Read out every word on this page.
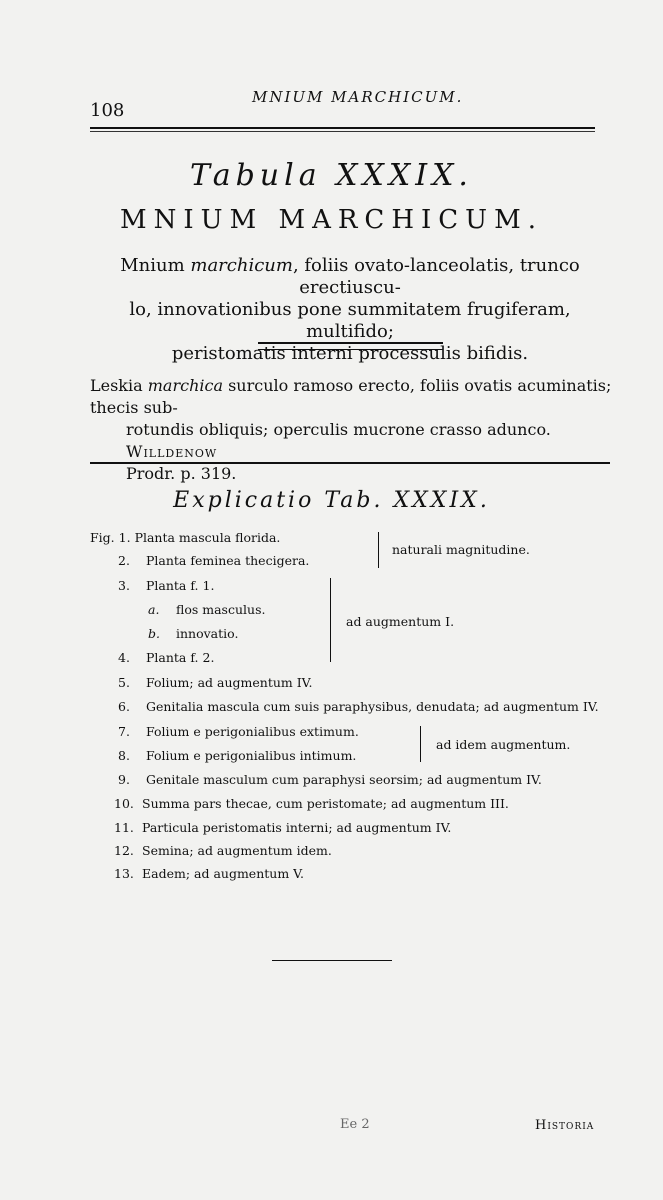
108
MNIUM MARCHICUM.
Tabula XXXIX.
MNIUM MARCHICUM.
Mnium marchicum, foliis ovato-lanceolatis, trunco erectiuscu-
lo, innovationibus pone summitatem frugiferam, multifido;
peristomatis interni processulis bifidis.
Leskia marchica surculo ramoso erecto, foliis ovatis acuminatis; thecis sub-
rotundis obliquis; operculis mucrone crasso adunco. Willdenow
Prodr. p. 319.
Explicatio Tab. XXXIX.
Fig. 1. Planta mascula florida.
2. Planta feminea thecigera.
naturali magnitudine.
3. Planta f. 1.
a. flos masculus.
b. innovatio.
4. Planta f. 2.
ad augmentum I.
5. Folium; ad augmentum IV.
6. Genitalia mascula cum suis paraphysibus, denudata; ad augmentum IV.
7. Folium e perigonialibus extimum.
8. Folium e perigonialibus intimum.
ad idem augmentum.
9. Genitale masculum cum paraphysi seorsim; ad augmentum IV.
10. Summa pars thecae, cum peristomate; ad augmentum III.
11. Particula peristomatis interni; ad augmentum IV.
12. Semina; ad augmentum idem.
13. Eadem; ad augmentum V.
Ee 2	Historia
